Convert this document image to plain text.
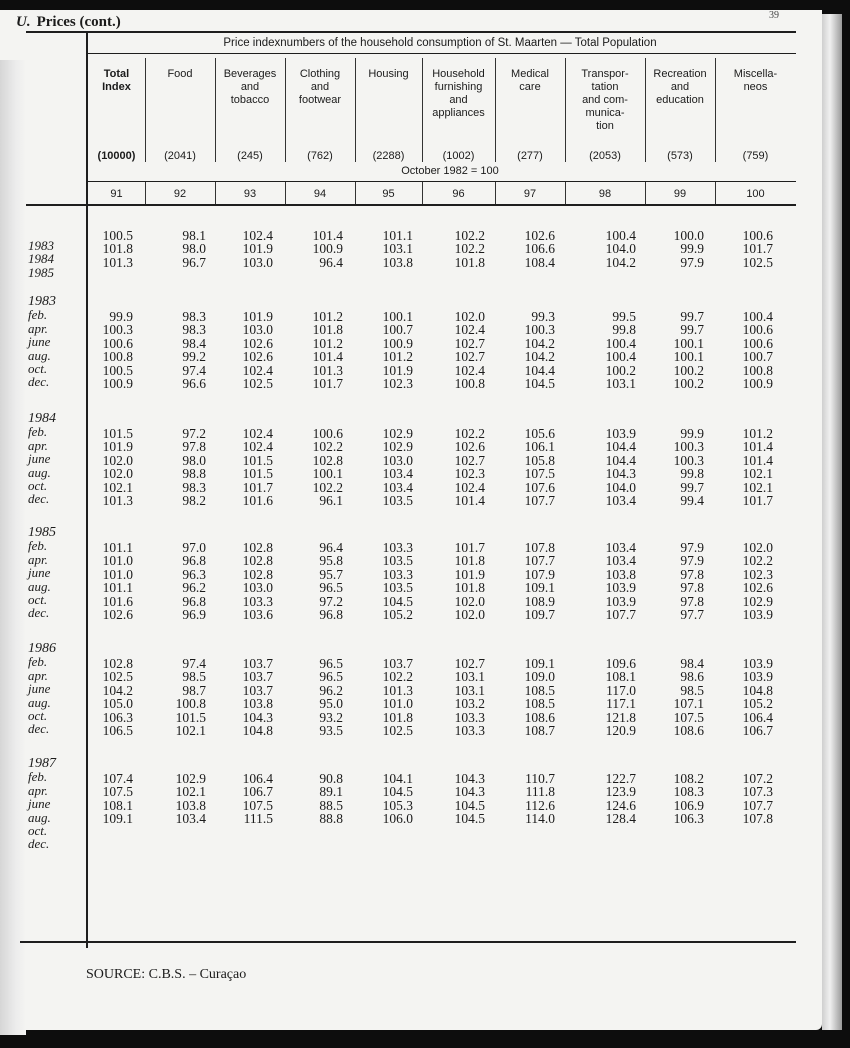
U. Prices (cont.)	39
Price indexnumbers of the household consumption of St. Maarten — Total Population
Total
Index
(10000)
91
Food
(2041)
92
Beverages
and
tobacco
(245)
93
Clothing
and
footwear
(762)
94
Housing
(2288)
95
Household
furnishing
and
appliances
(1002)
96
Medical
care
(277)
97
Transpor-
tation
and com-
munica-
tion
(2053)
98
Recreation
and
education
(573)
99
Miscella-
neos
(759)
100
October 1982 = 100
1983
1984
1985
100.5
101.8
101.3
98.1
98.0
96.7
102.4
101.9
103.0
101.4
100.9
96.4
101.1
103.1
103.8
102.2
102.2
101.8
102.6
106.6
108.4
100.4
104.0
104.2
100.0
99.9
97.9
100.6
101.7
102.5
1983
feb.
apr.
june
aug.
oct.
dec.
99.9
100.3
100.6
100.8
100.5
100.9
98.3
98.3
98.4
99.2
97.4
96.6
101.9
103.0
102.6
102.6
102.4
102.5
101.2
101.8
101.2
101.4
101.3
101.7
100.1
100.7
100.9
101.2
101.9
102.3
102.0
102.4
102.7
102.7
102.4
100.8
99.3
100.3
104.2
104.2
104.4
104.5
99.5
99.8
100.4
100.4
100.2
103.1
99.7
99.7
100.1
100.1
100.2
100.2
100.4
100.6
100.6
100.7
100.8
100.9
1984
feb.
apr.
june
aug.
oct.
dec.
101.5
101.9
102.0
102.0
102.1
101.3
97.2
97.8
98.0
98.8
98.3
98.2
102.4
102.4
101.5
101.5
101.7
101.6
100.6
102.2
102.8
100.1
102.2
96.1
102.9
102.9
103.0
103.4
103.4
103.5
102.2
102.6
102.7
102.3
102.4
101.4
105.6
106.1
105.8
107.5
107.6
107.7
103.9
104.4
104.4
104.3
104.0
103.4
99.9
100.3
100.3
99.8
99.7
99.4
101.2
101.4
101.4
102.1
102.1
101.7
1985
feb.
apr.
june
aug.
oct.
dec.
101.1
101.0
101.0
101.1
101.6
102.6
97.0
96.8
96.3
96.2
96.8
96.9
102.8
102.8
102.8
103.0
103.3
103.6
96.4
95.8
95.7
96.5
97.2
96.8
103.3
103.5
103.3
103.5
104.5
105.2
101.7
101.8
101.9
101.8
102.0
102.0
107.8
107.7
107.9
109.1
108.9
109.7
103.4
103.4
103.8
103.9
103.9
107.7
97.9
97.9
97.8
97.8
97.8
97.7
102.0
102.2
102.3
102.6
102.9
103.9
1986
feb.
apr.
june
aug.
oct.
dec.
102.8
102.5
104.2
105.0
106.3
106.5
97.4
98.5
98.7
100.8
101.5
102.1
103.7
103.7
103.7
103.8
104.3
104.8
96.5
96.5
96.2
95.0
93.2
93.5
103.7
102.2
101.3
101.0
101.8
102.5
102.7
103.1
103.1
103.2
103.3
103.3
109.1
109.0
108.5
108.5
108.6
108.7
109.6
108.1
117.0
117.1
121.8
120.9
98.4
98.6
98.5
107.1
107.5
108.6
103.9
103.9
104.8
105.2
106.4
106.7
1987
feb.
apr.
june
aug.
oct.
dec.
107.4
107.5
108.1
109.1

102.9
102.1
103.8
103.4

106.4
106.7
107.5
111.5

90.8
89.1
88.5
88.8

104.1
104.5
105.3
106.0

104.3
104.3
104.5
104.5

110.7
111.8
112.6
114.0

122.7
123.9
124.6
128.4

108.2
108.3
106.9
106.3

107.2
107.3
107.7
107.8

SOURCE: C.B.S. – Curaçao
